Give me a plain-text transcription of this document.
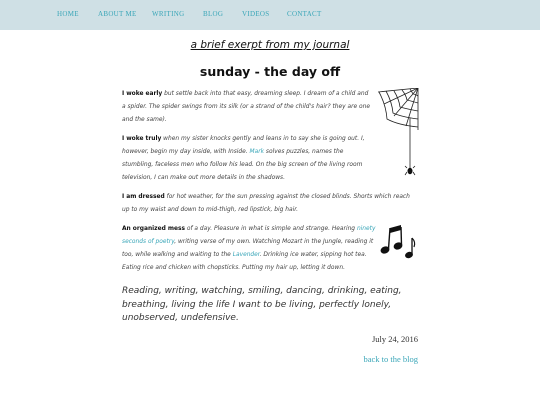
HOME	ABOUT ME WRITING	BLOG	VIDEOS	CONTACT

a brief exerpt from my journal

sunday - the day off

I woke early but settle back into that easy, dreaming sleep. I dream of a child and a spider. The spider swings from its silk (or a strand of the child's hair? they are one and the same).

I woke truly when my sister knocks gently and leans in to say she is going out. I, however, begin my day inside, with Inside. Mark solves puzzles, names the stumbling, faceless men who follow his lead. On the big screen of the living room television, I can make out more details in the shadows.

I am dressed for hot weather, for the sun pressing against the closed blinds. Shorts which reach up to my waist and down to mid-thigh, red lipstick, big hair.

An organized mess of a day. Pleasure in what is simple and strange. Hearing ninety seconds of poetry, writing verse of my own. Watching Mozart in the Jungle, reading it too, while walking and waiting to the Lavender. Drinking ice water, sipping hot tea. Eating rice and chicken with chopsticks. Putting my hair up, letting it down.

Reading, writing, watching, smiling, dancing, drinking, eating, breathing, living the life I want to be living, perfectly lonely, unobserved, undefensive.

July 24, 2016

back to the blog
